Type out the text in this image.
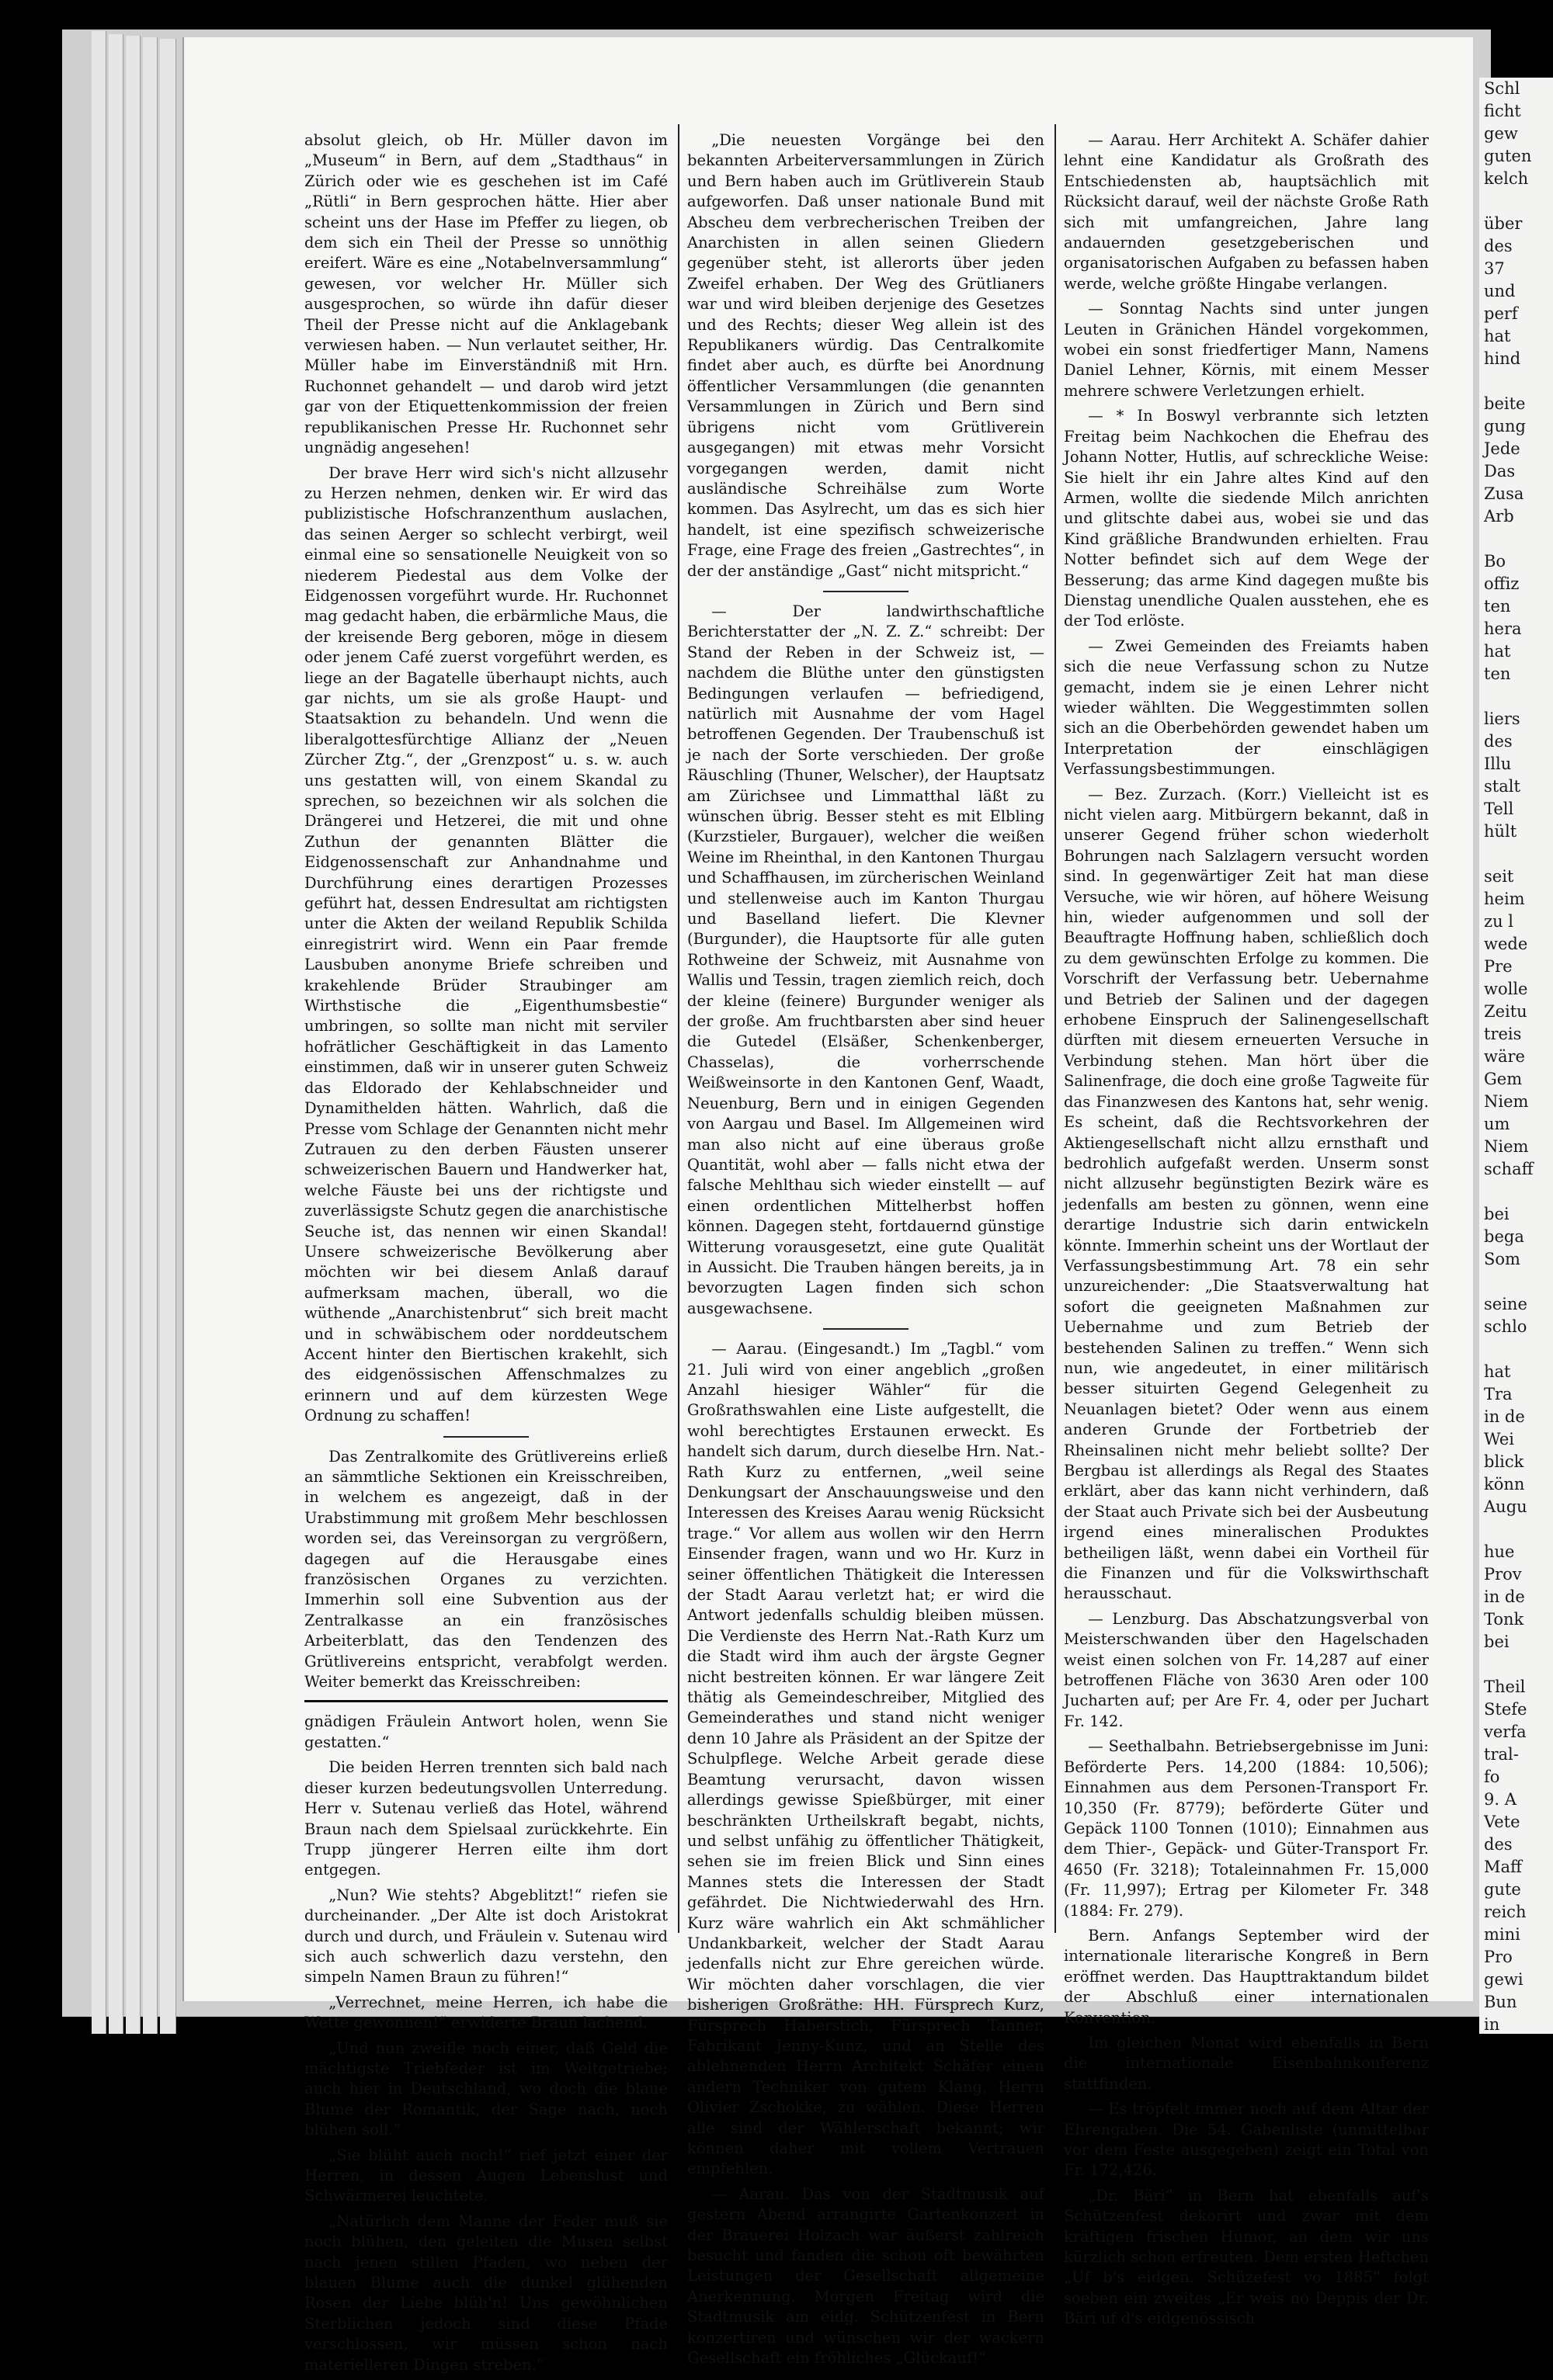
absolut gleich, ob Hr. Müller davon im „Museum“ in Bern, auf dem „Stadthaus“ in Zürich oder wie es geschehen ist im Café „Rütli“ in Bern gesprochen hätte. Hier aber scheint uns der Hase im Pfeffer zu liegen, ob dem sich ein Theil der Presse so unnöthig ereifert. Wäre es eine „Notabelnversammlung“ gewesen, vor welcher Hr. Müller sich ausgesprochen, so würde ihn dafür dieser Theil der Presse nicht auf die Anklagebank verwiesen haben. — Nun verlautet seither, Hr. Müller habe im Einverständniß mit Hrn. Ruchonnet gehandelt — und darob wird jetzt gar von der Etiquettenkommission der freien republikanischen Presse Hr. Ruchonnet sehr ungnädig angesehen!

Der brave Herr wird sich's nicht allzusehr zu Herzen nehmen, denken wir. Er wird das publizistische Hofschranzenthum auslachen, das seinen Aerger so schlecht verbirgt, weil einmal eine so sensationelle Neuigkeit von so niederem Piedestal aus dem Volke der Eidgenossen vorgeführt wurde. Hr. Ruchonnet mag gedacht haben, die erbärmliche Maus, die der kreisende Berg geboren, möge in diesem oder jenem Café zuerst vorgeführt werden, es liege an der Bagatelle überhaupt nichts, auch gar nichts, um sie als große Haupt- und Staatsaktion zu behandeln. Und wenn die liberalgottesfürchtige Allianz der „Neuen Zürcher Ztg.“, der „Grenzpost“ u. s. w. auch uns gestatten will, von einem Skandal zu sprechen, so bezeichnen wir als solchen die Drängerei und Hetzerei, die mit und ohne Zuthun der genannten Blätter die Eidgenossenschaft zur Anhandnahme und Durchführung eines derartigen Prozesses geführt hat, dessen Endresultat am richtigsten unter die Akten der weiland Republik Schilda einregistrirt wird. Wenn ein Paar fremde Lausbuben anonyme Briefe schreiben und krakehlende Brüder Straubinger am Wirthstische die „Eigenthumsbestie“ umbringen, so sollte man nicht mit serviler hofrätlicher Geschäftigkeit in das Lamento einstimmen, daß wir in unserer guten Schweiz das Eldorado der Kehlabschneider und Dynamithelden hätten. Wahrlich, daß die Presse vom Schlage der Genannten nicht mehr Zutrauen zu den derben Fäusten unserer schweizerischen Bauern und Handwerker hat, welche Fäuste bei uns der richtigste und zuverlässigste Schutz gegen die anarchistische Seuche ist, das nennen wir einen Skandal! Unsere schweizerische Bevölkerung aber möchten wir bei diesem Anlaß darauf aufmerksam machen, überall, wo die wüthende „Anarchistenbrut“ sich breit macht und in schwäbischem oder norddeutschem Accent hinter den Biertischen krakehlt, sich des eidgenössischen Affenschmalzes zu erinnern und auf dem kürzesten Wege Ordnung zu schaffen!

Das Zentralkomite des Grütlivereins erließ an sämmtliche Sektionen ein Kreisschreiben, in welchem es angezeigt, daß in der Urabstimmung mit großem Mehr beschlossen worden sei, das Vereinsorgan zu vergrößern, dagegen auf die Herausgabe eines französischen Organes zu verzichten. Immerhin soll eine Subvention aus der Zentralkasse an ein französisches Arbeiterblatt, das den Tendenzen des Grütlivereins entspricht, verabfolgt werden. Weiter bemerkt das Kreisschreiben:

gnädigen Fräulein Antwort holen, wenn Sie gestatten.“

Die beiden Herren trennten sich bald nach dieser kurzen bedeutungsvollen Unterredung. Herr v. Sutenau verließ das Hotel, während Braun nach dem Spielsaal zurückkehrte. Ein Trupp jüngerer Herren eilte ihm dort entgegen.

„Nun? Wie stehts? Abgeblitzt!“ riefen sie durcheinander. „Der Alte ist doch Aristokrat durch und durch, und Fräulein v. Sutenau wird sich auch schwerlich dazu verstehn, den simpeln Namen Braun zu führen!“

„Verrechnet, meine Herren, ich habe die Wette gewonnen!“ erwiderte Braun lachend.

„Und nun zweifle noch einer, daß Geld die mächtigste Triebfeder ist im Weltgetriebe; auch hier in Deutschland, wo doch die blaue Blume der Romantik, der Sage nach, noch blühen soll.“

„Sie blüht auch noch!“ rief jetzt einer der Herren, in dessen Augen Lebenslust und Schwärmerei leuchtete.

„Natürlich dem Manne der Feder muß sie noch blühen, den geleiten die Musen selbst nach jenen stillen Pfaden, wo neben der blauen Blume auch die dunkel glühenden Rosen der Liebe blüh'n! Uns gewöhnlichen Sterblichen jedoch sind diese Pfade verschlossen, wir müssen schon nach materielleren Dingen streben.“

„Die neuesten Vorgänge bei den bekannten Arbeiterversammlungen in Zürich und Bern haben auch im Grütliverein Staub aufgeworfen. Daß unser nationale Bund mit Abscheu dem verbrecherischen Treiben der Anarchisten in allen seinen Gliedern gegenüber steht, ist allerorts über jeden Zweifel erhaben. Der Weg des Grütlianers war und wird bleiben derjenige des Gesetzes und des Rechts; dieser Weg allein ist des Republikaners würdig. Das Centralkomite findet aber auch, es dürfte bei Anordnung öffentlicher Versammlungen (die genannten Versammlungen in Zürich und Bern sind übrigens nicht vom Grütliverein ausgegangen) mit etwas mehr Vorsicht vorgegangen werden, damit nicht ausländische Schreihälse zum Worte kommen. Das Asylrecht, um das es sich hier handelt, ist eine spezifisch schweizerische Frage, eine Frage des freien „Gastrechtes“, in der der anständige „Gast“ nicht mitspricht.“

— Der landwirthschaftliche Berichterstatter der „N. Z. Z.“ schreibt: Der Stand der Reben in der Schweiz ist, — nachdem die Blüthe unter den günstigsten Bedingungen verlaufen — befriedigend, natürlich mit Ausnahme der vom Hagel betroffenen Gegenden. Der Traubenschuß ist je nach der Sorte verschieden. Der große Räuschling (Thuner, Welscher), der Hauptsatz am Zürichsee und Limmatthal läßt zu wünschen übrig. Besser steht es mit Elbling (Kurzstieler, Burgauer), welcher die weißen Weine im Rheinthal, in den Kantonen Thurgau und Schaffhausen, im zürcherischen Weinland und stellenweise auch im Kanton Thurgau und Baselland liefert. Die Klevner (Burgunder), die Hauptsorte für alle guten Rothweine der Schweiz, mit Ausnahme von Wallis und Tessin, tragen ziemlich reich, doch der kleine (feinere) Burgunder weniger als der große. Am fruchtbarsten aber sind heuer die Gutedel (Elsäßer, Schenkenberger, Chasselas), die vorherrschende Weißweinsorte in den Kantonen Genf, Waadt, Neuenburg, Bern und in einigen Gegenden von Aargau und Basel. Im Allgemeinen wird man also nicht auf eine überaus große Quantität, wohl aber — falls nicht etwa der falsche Mehlthau sich wieder einstellt — auf einen ordentlichen Mittelherbst hoffen können. Dagegen steht, fortdauernd günstige Witterung vorausgesetzt, eine gute Qualität in Aussicht. Die Trauben hängen bereits, ja in bevorzugten Lagen finden sich schon ausgewachsene.

— Aarau. (Eingesandt.) Im „Tagbl.“ vom 21. Juli wird von einer angeblich „großen Anzahl hiesiger Wähler“ für die Großrathswahlen eine Liste aufgestellt, die wohl berechtigtes Erstaunen erweckt. Es handelt sich darum, durch dieselbe Hrn. Nat.-Rath Kurz zu entfernen, „weil seine Denkungsart der Anschauungsweise und den Interessen des Kreises Aarau wenig Rücksicht trage.“ Vor allem aus wollen wir den Herrn Einsender fragen, wann und wo Hr. Kurz in seiner öffentlichen Thätigkeit die Interessen der Stadt Aarau verletzt hat; er wird die Antwort jedenfalls schuldig bleiben müssen. Die Verdienste des Herrn Nat.-Rath Kurz um die Stadt wird ihm auch der ärgste Gegner nicht bestreiten können. Er war längere Zeit thätig als Gemeindeschreiber, Mitglied des Gemeinderathes und stand nicht weniger denn 10 Jahre als Präsident an der Spitze der Schulpflege. Welche Arbeit gerade diese Beamtung verursacht, davon wissen allerdings gewisse Spießbürger, mit einer beschränkten Urtheilskraft begabt, nichts, und selbst unfähig zu öffentlicher Thätigkeit, sehen sie im freien Blick und Sinn eines Mannes stets die Interessen der Stadt gefährdet. Die Nichtwiederwahl des Hrn. Kurz wäre wahrlich ein Akt schmählicher Undankbarkeit, welcher der Stadt Aarau jedenfalls nicht zur Ehre gereichen würde. Wir möchten daher vorschlagen, die vier bisherigen Großräthe: HH. Fürsprech Kurz, Fürsprech Haberstich, Fürsprech Tanner, Fabrikant Jenny-Kunz, und an Stelle des ablehnenden Herrn Architekt Schäfer einen andern Techniker von gutem Klang, Herrn Olivier Zschokke, zu wählen. Diese Herren alle sind der Wählerschaft bekannt; wir können daher mit vollem Vertrauen empfehlen.

— Aarau. Das von der Stadtmusik auf gestern Abend arrangirte Gartenkonzert in der Brauerei Holzach war äußerst zahlreich besucht und fanden die schon oft bewährten Leistungen der Gesellschaft allgemeine Anerkennung. Morgen Freitag wird die Stadtmusik am eidg. Schützenfest in Bern konzertiren und wünschen wir der wackern Gesellschaft ein fröhliches „Glückauf!“

— Aarau. Herr Architekt A. Schäfer dahier lehnt eine Kandidatur als Großrath des Entschiedensten ab, hauptsächlich mit Rücksicht darauf, weil der nächste Große Rath sich mit umfangreichen, Jahre lang andauernden gesetzgeberischen und organisatorischen Aufgaben zu befassen haben werde, welche größte Hingabe verlangen.

— Sonntag Nachts sind unter jungen Leuten in Gränichen Händel vorgekommen, wobei ein sonst friedfertiger Mann, Namens Daniel Lehner, Körnis, mit einem Messer mehrere schwere Verletzungen erhielt.

— * In Boswyl verbrannte sich letzten Freitag beim Nachkochen die Ehefrau des Johann Notter, Hutlis, auf schreckliche Weise: Sie hielt ihr ein Jahre altes Kind auf den Armen, wollte die siedende Milch anrichten und glitschte dabei aus, wobei sie und das Kind gräßliche Brandwunden erhielten. Frau Notter befindet sich auf dem Wege der Besserung; das arme Kind dagegen mußte bis Dienstag unendliche Qualen ausstehen, ehe es der Tod erlöste.

— Zwei Gemeinden des Freiamts haben sich die neue Verfassung schon zu Nutze gemacht, indem sie je einen Lehrer nicht wieder wählten. Die Weggestimmten sollen sich an die Oberbehörden gewendet haben um Interpretation der einschlägigen Verfassungsbestimmungen.

— Bez. Zurzach. (Korr.) Vielleicht ist es nicht vielen aarg. Mitbürgern bekannt, daß in unserer Gegend früher schon wiederholt Bohrungen nach Salzlagern versucht worden sind. In gegenwärtiger Zeit hat man diese Versuche, wie wir hören, auf höhere Weisung hin, wieder aufgenommen und soll der Beauftragte Hoffnung haben, schließlich doch zu dem gewünschten Erfolge zu kommen. Die Vorschrift der Verfassung betr. Uebernahme und Betrieb der Salinen und der dagegen erhobene Einspruch der Salinengesellschaft dürften mit diesem erneuerten Versuche in Verbindung stehen. Man hört über die Salinenfrage, die doch eine große Tagweite für das Finanzwesen des Kantons hat, sehr wenig. Es scheint, daß die Rechtsvorkehren der Aktiengesellschaft nicht allzu ernsthaft und bedrohlich aufgefaßt werden. Unserm sonst nicht allzusehr begünstigten Bezirk wäre es jedenfalls am besten zu gönnen, wenn eine derartige Industrie sich darin entwickeln könnte. Immerhin scheint uns der Wortlaut der Verfassungsbestimmung Art. 78 ein sehr unzureichender: „Die Staatsverwaltung hat sofort die geeigneten Maßnahmen zur Uebernahme und zum Betrieb der bestehenden Salinen zu treffen.“ Wenn sich nun, wie angedeutet, in einer militärisch besser situirten Gegend Gelegenheit zu Neuanlagen bietet? Oder wenn aus einem anderen Grunde der Fortbetrieb der Rheinsalinen nicht mehr beliebt sollte? Der Bergbau ist allerdings als Regal des Staates erklärt, aber das kann nicht verhindern, daß der Staat auch Private sich bei der Ausbeutung irgend eines mineralischen Produktes betheiligen läßt, wenn dabei ein Vortheil für die Finanzen und für die Volkswirthschaft herausschaut.

— Lenzburg. Das Abschatzungsverbal von Meisterschwanden über den Hagelschaden weist einen solchen von Fr. 14,287 auf einer betroffenen Fläche von 3630 Aren oder 100 Jucharten auf; per Are Fr. 4, oder per Juchart Fr. 142.

— Seethalbahn. Betriebsergebnisse im Juni: Beförderte Pers. 14,200 (1884: 10,506); Einnahmen aus dem Personen-Transport Fr. 10,350 (Fr. 8779); beförderte Güter und Gepäck 1100 Tonnen (1010); Einnahmen aus dem Thier-, Gepäck- und Güter-Transport Fr. 4650 (Fr. 3218); Totaleinnahmen Fr. 15,000 (Fr. 11,997); Ertrag per Kilometer Fr. 348 (1884: Fr. 279).

Bern. Anfangs September wird der internationale literarische Kongreß in Bern eröffnet werden. Das Haupttraktandum bildet der Abschluß einer internationalen Konvention.

Im gleichen Monat wird ebenfalls in Bern die internationale Eisenbahnkonferenz stattfinden.

— Es tröpfelt immer noch auf dem Altar der Ehrengaben. Die 54. Gabenliste (unmittelbar vor dem Feste ausgegeben) zeigt ein Total von Fr. 172,426.

„Dr. Bäri“ in Bern hat ebenfalls auf's Schützenfest dekorirt und zwar mit dem kräftigen frischen Humor, an dem wir uns kürzlich schon erfreuten. Dem ersten Heftchen „Uf b's eidgen. Schüzefest vo 1885“ folgt soeben ein zweites „Er weis no Deppis der Dr. Bäri uf d's eidgenössisch

Schl
ficht
gew
guten
kelch

über
des
37
und
perf
hat
hind

beite
gung
Jede
Das
Zusa
Arb

Bo
offiz
ten
hera
hat
ten

liers
des
Illu
stalt
Tell
hült

seit
heim
zu l
wede
Pre
wolle
Zeitu
treis
wäre
Gem
Niem
um
Niem
schaff

bei
bega
Som

seine
schlo

hat
Tra
in de
Wei
blick
könn
Augu

hue
Prov
in de
Tonk
bei

Theil
Stefe
verfa
tral-
fo
9. A
Vete
des
Maff
gute
reich
mini
Pro
gewi
Bun
in
